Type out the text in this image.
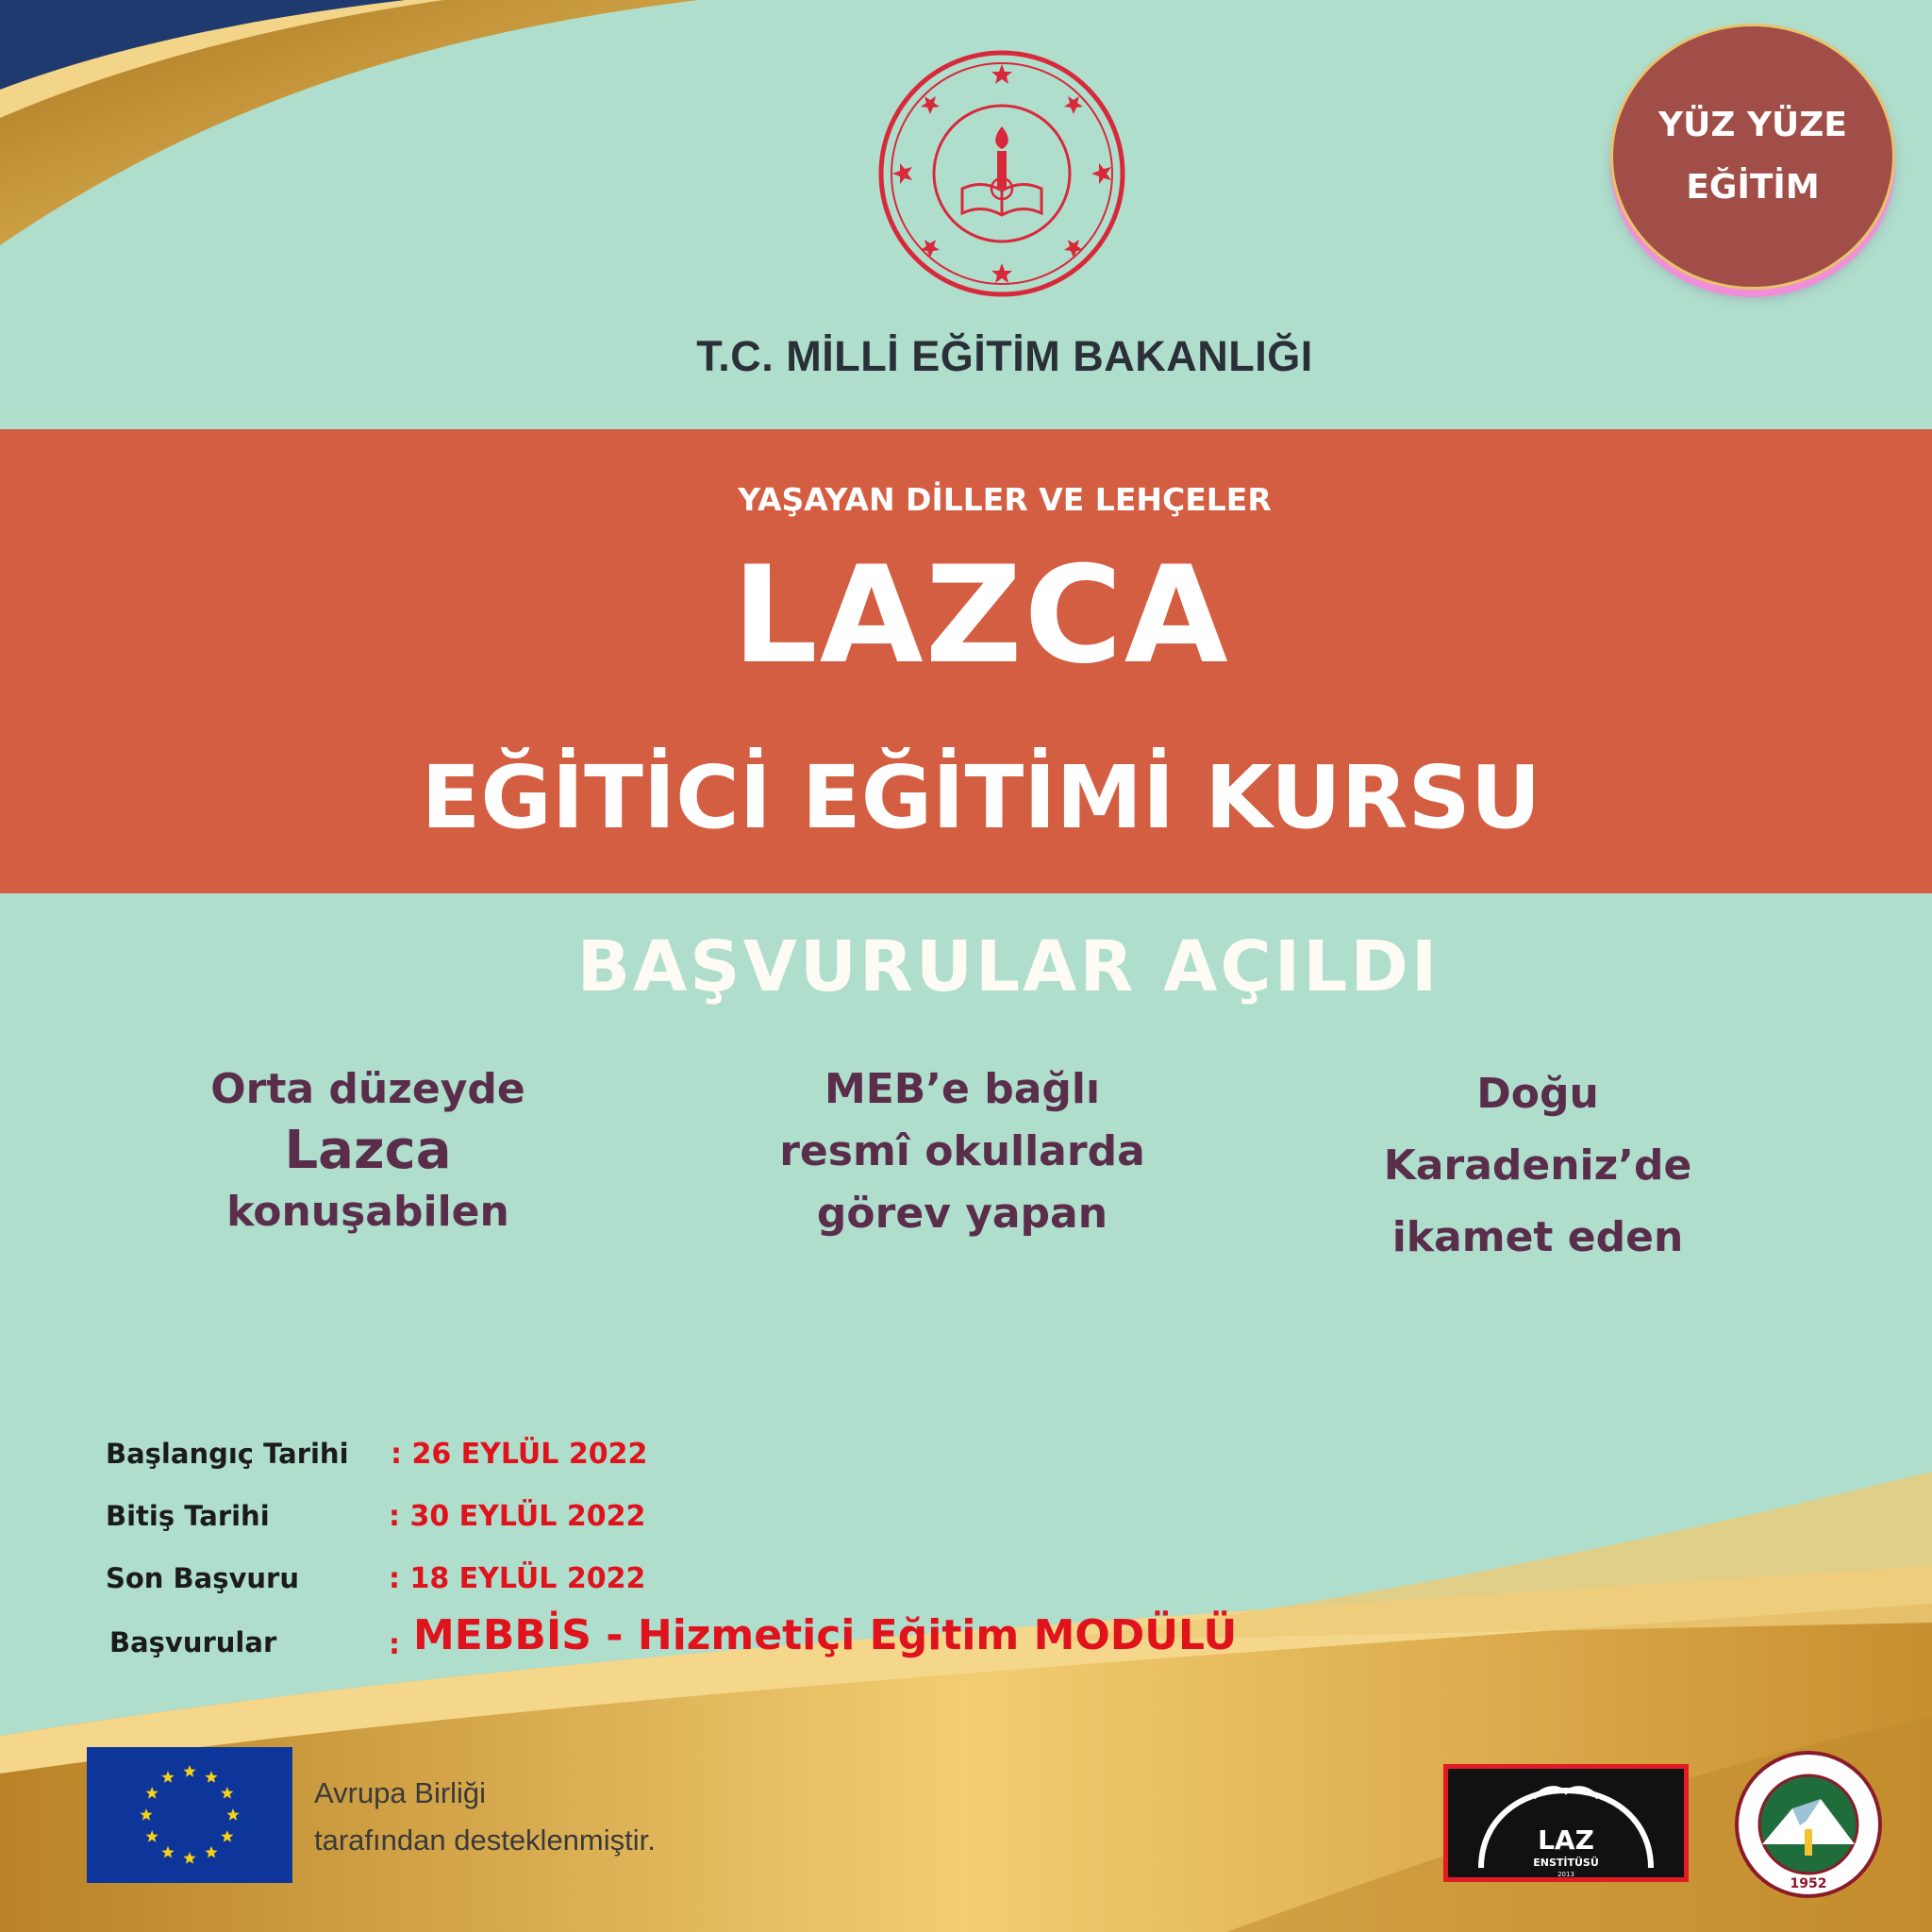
T.C. MİLLİ EĞİTİM BAKANLIĞI
YÜZ YÜZE
EĞİTİM
YAŞAYAN DİLLER VE LEHÇELER
LAZCA
EĞİTİCİ EĞİTİMİ KURSU
BAŞVURULAR AÇILDI
Orta düzeyde
Lazca
konuşabilen
MEB’e bağlı
resmî okullarda
görev yapan
Doğu
Karadeniz’de
ikamet eden
Başlangıç Tarihi : 26 EYLÜL 2022
Bitiş Tarihi	: 30 EYLÜL 2022
Son Başvuru	: 18 EYLÜL 2022
Başvurular	: MEBBİS - Hizmetiçi Eğitim MODÜLÜ
Avrupa Birliği
tarafından desteklenmiştir.	LAZ
ENSTİTÜSÜ
2013
1952
